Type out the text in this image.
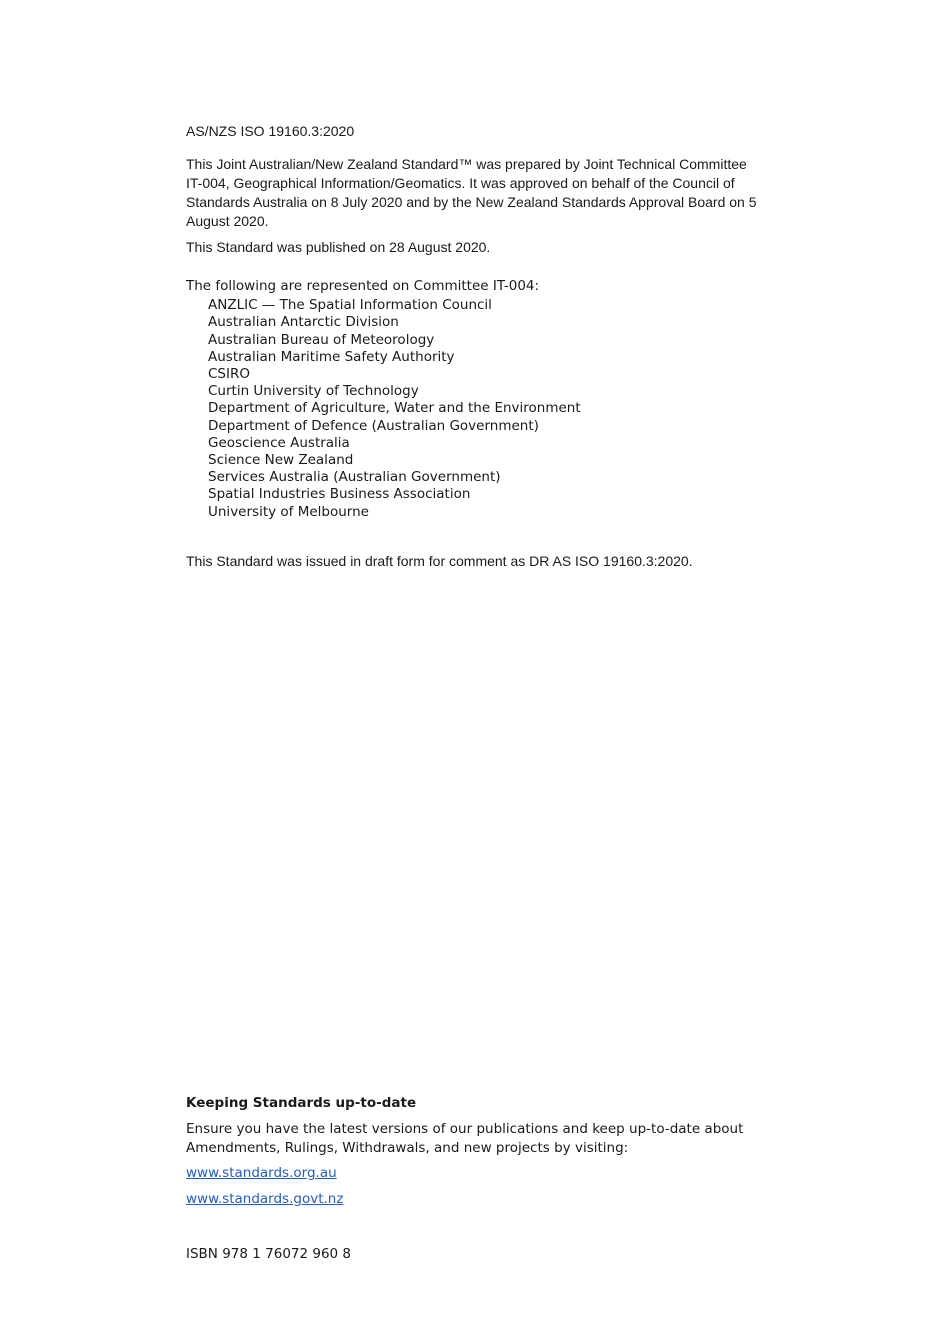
AS/NZS ISO 19160.3:2020

This Joint Australian/New Zealand Standard™ was prepared by Joint Technical Committee IT-004, Geographical Information/Geomatics. It was approved on behalf of the Council of Standards Australia on 8 July 2020 and by the New Zealand Standards Approval Board on 5 August 2020.

This Standard was published on 28 August 2020.

The following are represented on Committee IT-004:
ANZLIC — The Spatial Information Council
Australian Antarctic Division
Australian Bureau of Meteorology
Australian Maritime Safety Authority
CSIRO
Curtin University of Technology
Department of Agriculture, Water and the Environment
Department of Defence (Australian Government)
Geoscience Australia
Science New Zealand
Services Australia (Australian Government)
Spatial Industries Business Association
University of Melbourne

This Standard was issued in draft form for comment as DR AS ISO 19160.3:2020.

Keeping Standards up-to-date

Ensure you have the latest versions of our publications and keep up-to-date about Amendments, Rulings, Withdrawals, and new projects by visiting:

www.standards.org.au
www.standards.govt.nz

ISBN 978 1 76072 960 8
